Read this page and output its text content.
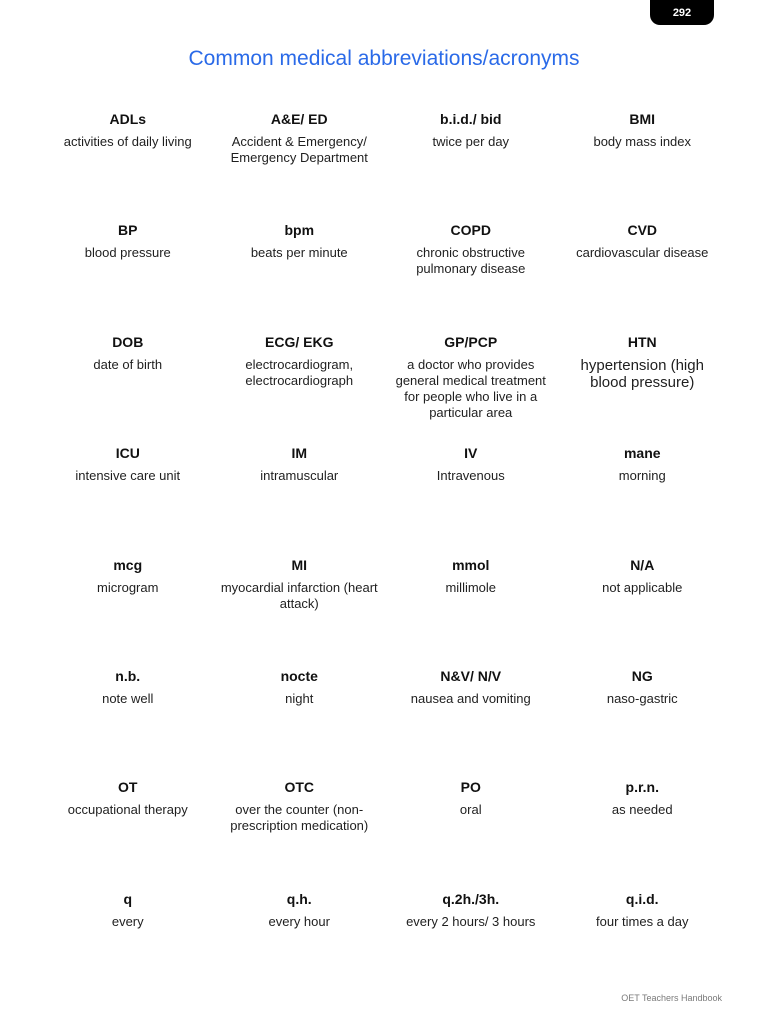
292
Common medical abbreviations/acronyms
ADLs
activities of daily living
A&E/ ED
Accident & Emergency/ Emergency Department
b.i.d./ bid
twice per day
BMI
body mass index
BP
blood pressure
bpm
beats per minute
COPD
chronic obstructive pulmonary disease
CVD
cardiovascular disease
DOB
date of birth
ECG/ EKG
electrocardiogram, electrocardiograph
GP/PCP
a doctor who provides general medical treatment for people who live in a particular area
HTN
hypertension (high blood pressure)
ICU
intensive care unit
IM
intramuscular
IV
Intravenous
mane
morning
mcg
microgram
MI
myocardial infarction (heart attack)
mmol
millimole
N/A
not applicable
n.b.
note well
nocte
night
N&V/ N/V
nausea and vomiting
NG
naso-gastric
OT
occupational therapy
OTC
over the counter (non-prescription medication)
PO
oral
p.r.n.
as needed
q
every
q.h.
every hour
q.2h./3h.
every 2 hours/ 3 hours
q.i.d.
four times a day
OET Teachers Handbook
